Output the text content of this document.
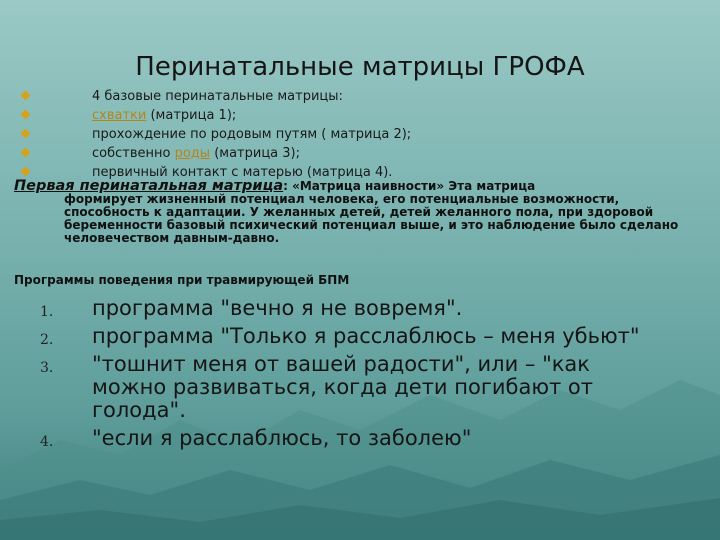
Перинатальные матрицы ГРОФА
4 базовые перинатальные матрицы:
схватки (матрица 1);
прохождение по родовым путям ( матрица 2);
собственно роды (матрица 3);
первичный контакт с матерью (матрица 4).
Первая перинатальная матрица: «Матрица наивности» Эта матрица
формирует жизненный потенциал человека, его потенциальные возможности, способность к адаптации. У желанных детей, детей желанного пола, при здоровой беременности базовый психический потенциал выше, и это наблюдение было сделано человечеством давным-давно.
Программы поведения при травмирующей БПМ
1. программа "вечно я не вовремя".
2. программа "Только я расслаблюсь – меня убьют"
3. "тошнит меня от вашей радости", или – "как можно развиваться, когда дети погибают от голода".
4. "если я расслаблюсь, то заболею"
